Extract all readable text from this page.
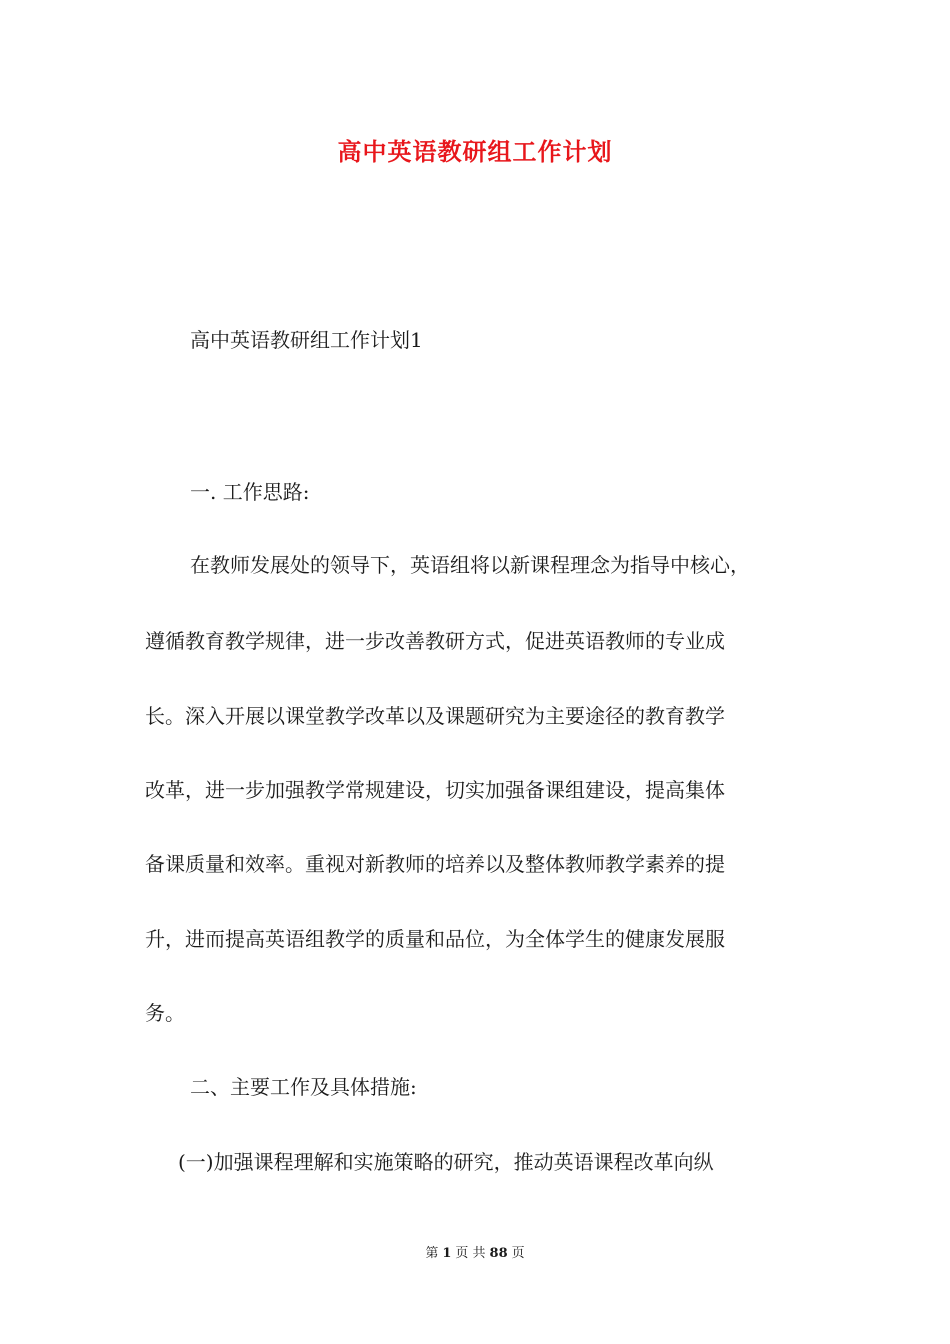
高中英语教研组工作计划
高中英语教研组工作计划1
一. 工作思路:
在教师发展处的领导下，英语组将以新课程理念为指导中核心，
遵循教育教学规律，进一步改善教研方式，促进英语教师的专业成
长。深入开展以课堂教学改革以及课题研究为主要途径的教育教学
改革，进一步加强教学常规建设，切实加强备课组建设，提高集体
备课质量和效率。重视对新教师的培养以及整体教师教学素养的提
升，进而提高英语组教学的质量和品位，为全体学生的健康发展服
务。
二、主要工作及具体措施:
(一)加强课程理解和实施策略的研究，推动英语课程改革向纵
第 1 页 共 88 页
